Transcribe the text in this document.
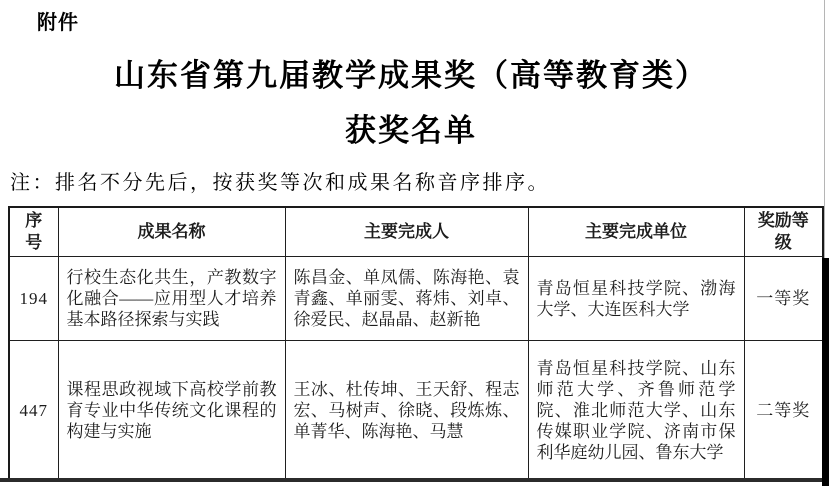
附件
山东省第九届教学成果奖（高等教育类）
获奖名单
注：排名不分先后，按获奖等次和成果名称音序排序。
序号	成果名称	主要完成人	主要完成单位	奖励等级
194	行校生态化共生，产教数字化融合——应用型人才培养基本路径探索与实践	陈昌金、单凤儒、陈海艳、袁青鑫、单丽雯、蒋炜、刘卓、徐爱民、赵晶晶、赵新艳	青岛恒星科技学院、渤海大学、大连医科大学	一等奖
447	课程思政视域下高校学前教育专业中华传统文化课程的构建与实施	王冰、杜传坤、王天舒、程志宏、马树声、徐晓、段炼炼、单菁华、陈海艳、马慧	青岛恒星科技学院、山东师范大学、齐鲁师范学院、淮北师范大学、山东传媒职业学院、济南市保利华庭幼儿园、鲁东大学	二等奖
